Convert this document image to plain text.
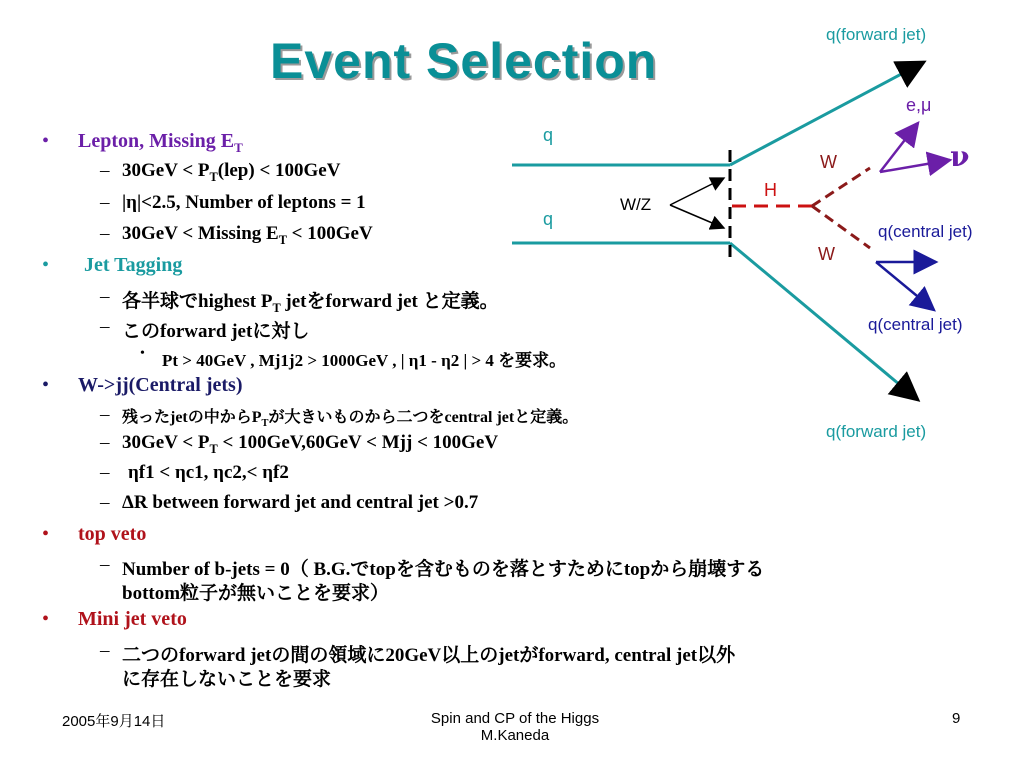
Event Selection
• Lepton, Missing $E_T$
– $30GeV < P_T(lep) < 100GeV$
– |η|<2.5, Number of leptons = 1
– 30GeV < Missing $E_T < 100GeV$
• Jet Tagging
– 各半球でhighest $P_T$ jetをforward jet と定義。
– このforward jetに対し
• Pt > 40GeV , Mj1j2 > 1000GeV , | η1 - η2 | > 4 を要求。
• W->jj(Central jets)
– 残ったjetの中から$P_T$が大きいものから二つをcentral jetと定義。
– $30GeV < P_T < 100GeV,60GeV$ < Mjj < 100GeV
– ηf1 < ηc1, ηc2,< ηf2
– ΔR between forward jet and central jet >0.7
• top veto
– Number of b-jets = 0（ B.G.でtopを含むものを落とすためにtopから崩壊する
bottom粒子が無いことを要求）
• Mini jet veto
– 二つのforward jetの間の領域に20GeV以上のjetがforward, central jet以外
に存在しないことを要求
q(forward jet)
q(forward jet)
q(central jet)
q(central jet)
q
q
W/Z
H
W
W
e,μ
ν
2005年9月14日	Spin and CP of the Higgs
M.Kaneda
9
